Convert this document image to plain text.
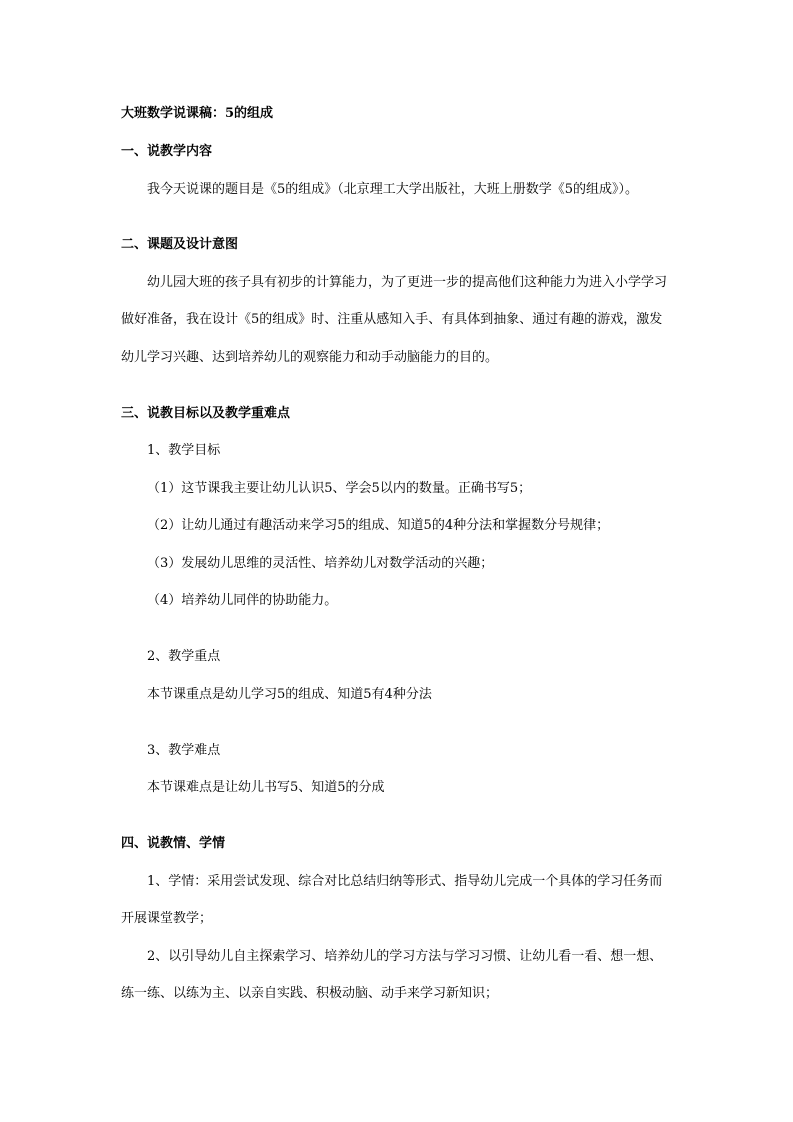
大班数学说课稿：5的组成
一、说教学内容
我今天说课的题目是《5的组成》（北京理工大学出版社，大班上册数学《5的组成》）。
二、课题及设计意图
幼儿园大班的孩子具有初步的计算能力，为了更进一步的提高他们这种能力为进入小学学习
做好准备，我在设计《5的组成》时、注重从感知入手、有具体到抽象、通过有趣的游戏，激发
幼儿学习兴趣、达到培养幼儿的观察能力和动手动脑能力的目的。
三、说教目标以及教学重难点
1、教学目标
（1）这节课我主要让幼儿认识5、学会5以内的数量。正确书写5；
（2）让幼儿通过有趣活动来学习5的组成、知道5的4种分法和掌握数分号规律；
（3）发展幼儿思维的灵活性、培养幼儿对数学活动的兴趣；
（4）培养幼儿同伴的协助能力。
2、教学重点
本节课重点是幼儿学习5的组成、知道5有4种分法
3、教学难点
本节课难点是让幼儿书写5、知道5的分成
四、说教情、学情
1、学情：采用尝试发现、综合对比总结归纳等形式、指导幼儿完成一个具体的学习任务而
开展课堂教学；
2、以引导幼儿自主探索学习、培养幼儿的学习方法与学习习惯、让幼儿看一看、想一想、
练一练、以练为主、以亲自实践、积极动脑、动手来学习新知识；
